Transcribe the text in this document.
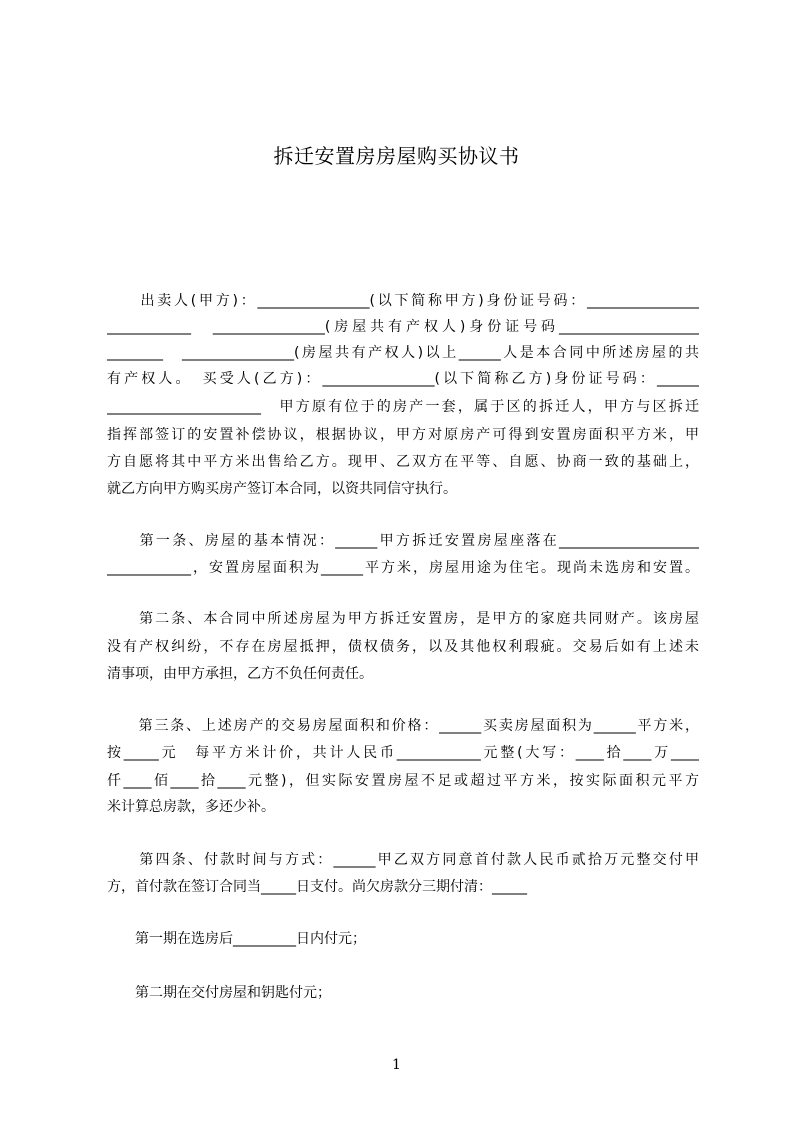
拆迁安置房房屋购买协议书
　　出卖人(甲方)：________________(以下简称甲方)身份证号码：________________
____________　________________(房屋共有产权人)身份证号码____________________
________　________________(房屋共有产权人)以上______人是本合同中所述房屋的共
有产权人。　买受人(乙方)：________________(以下简称乙方)身份证号码：______
______________________　甲方原有位于的房产一套，属于区的拆迁人，甲方与区拆迁
指挥部签订的安置补偿协议，根据协议，甲方对原房产可得到安置房面积平方米，甲
方自愿将其中平方米出售给乙方。现甲、乙双方在平等、自愿、协商一致的基础上，
就乙方向甲方购买房产签订本合同，以资共同信守执行。
　　第一条、房屋的基本情况：______甲方拆迁安置房屋座落在____________________
____________，安置房屋面积为______平方米，房屋用途为住宅。现尚未选房和安置。
　　第二条、本合同中所述房屋为甲方拆迁安置房，是甲方的家庭共同财产。该房屋
没有产权纠纷，不存在房屋抵押，债权债务，以及其他权利瑕疵。交易后如有上述未
清事项，由甲方承担，乙方不负任何责任。
　　第三条、上述房产的交易房屋面积和价格：______买卖房屋面积为______平方米，
按_____元　每平方米计价，共计人民币____________元整(大写：____拾____万____
仟____佰____拾____元整)，但实际安置房屋不足或超过平方米，按实际面积元平方
米计算总房款，多还少补。
　　第四条、付款时间与方式：______甲乙双方同意首付款人民币贰拾万元整交付甲
方，首付款在签订合同当_____日支付。尚欠房款分三期付清：_____
　　第一期在选房后_________日内付元；
　　第二期在交付房屋和钥匙付元；
1
